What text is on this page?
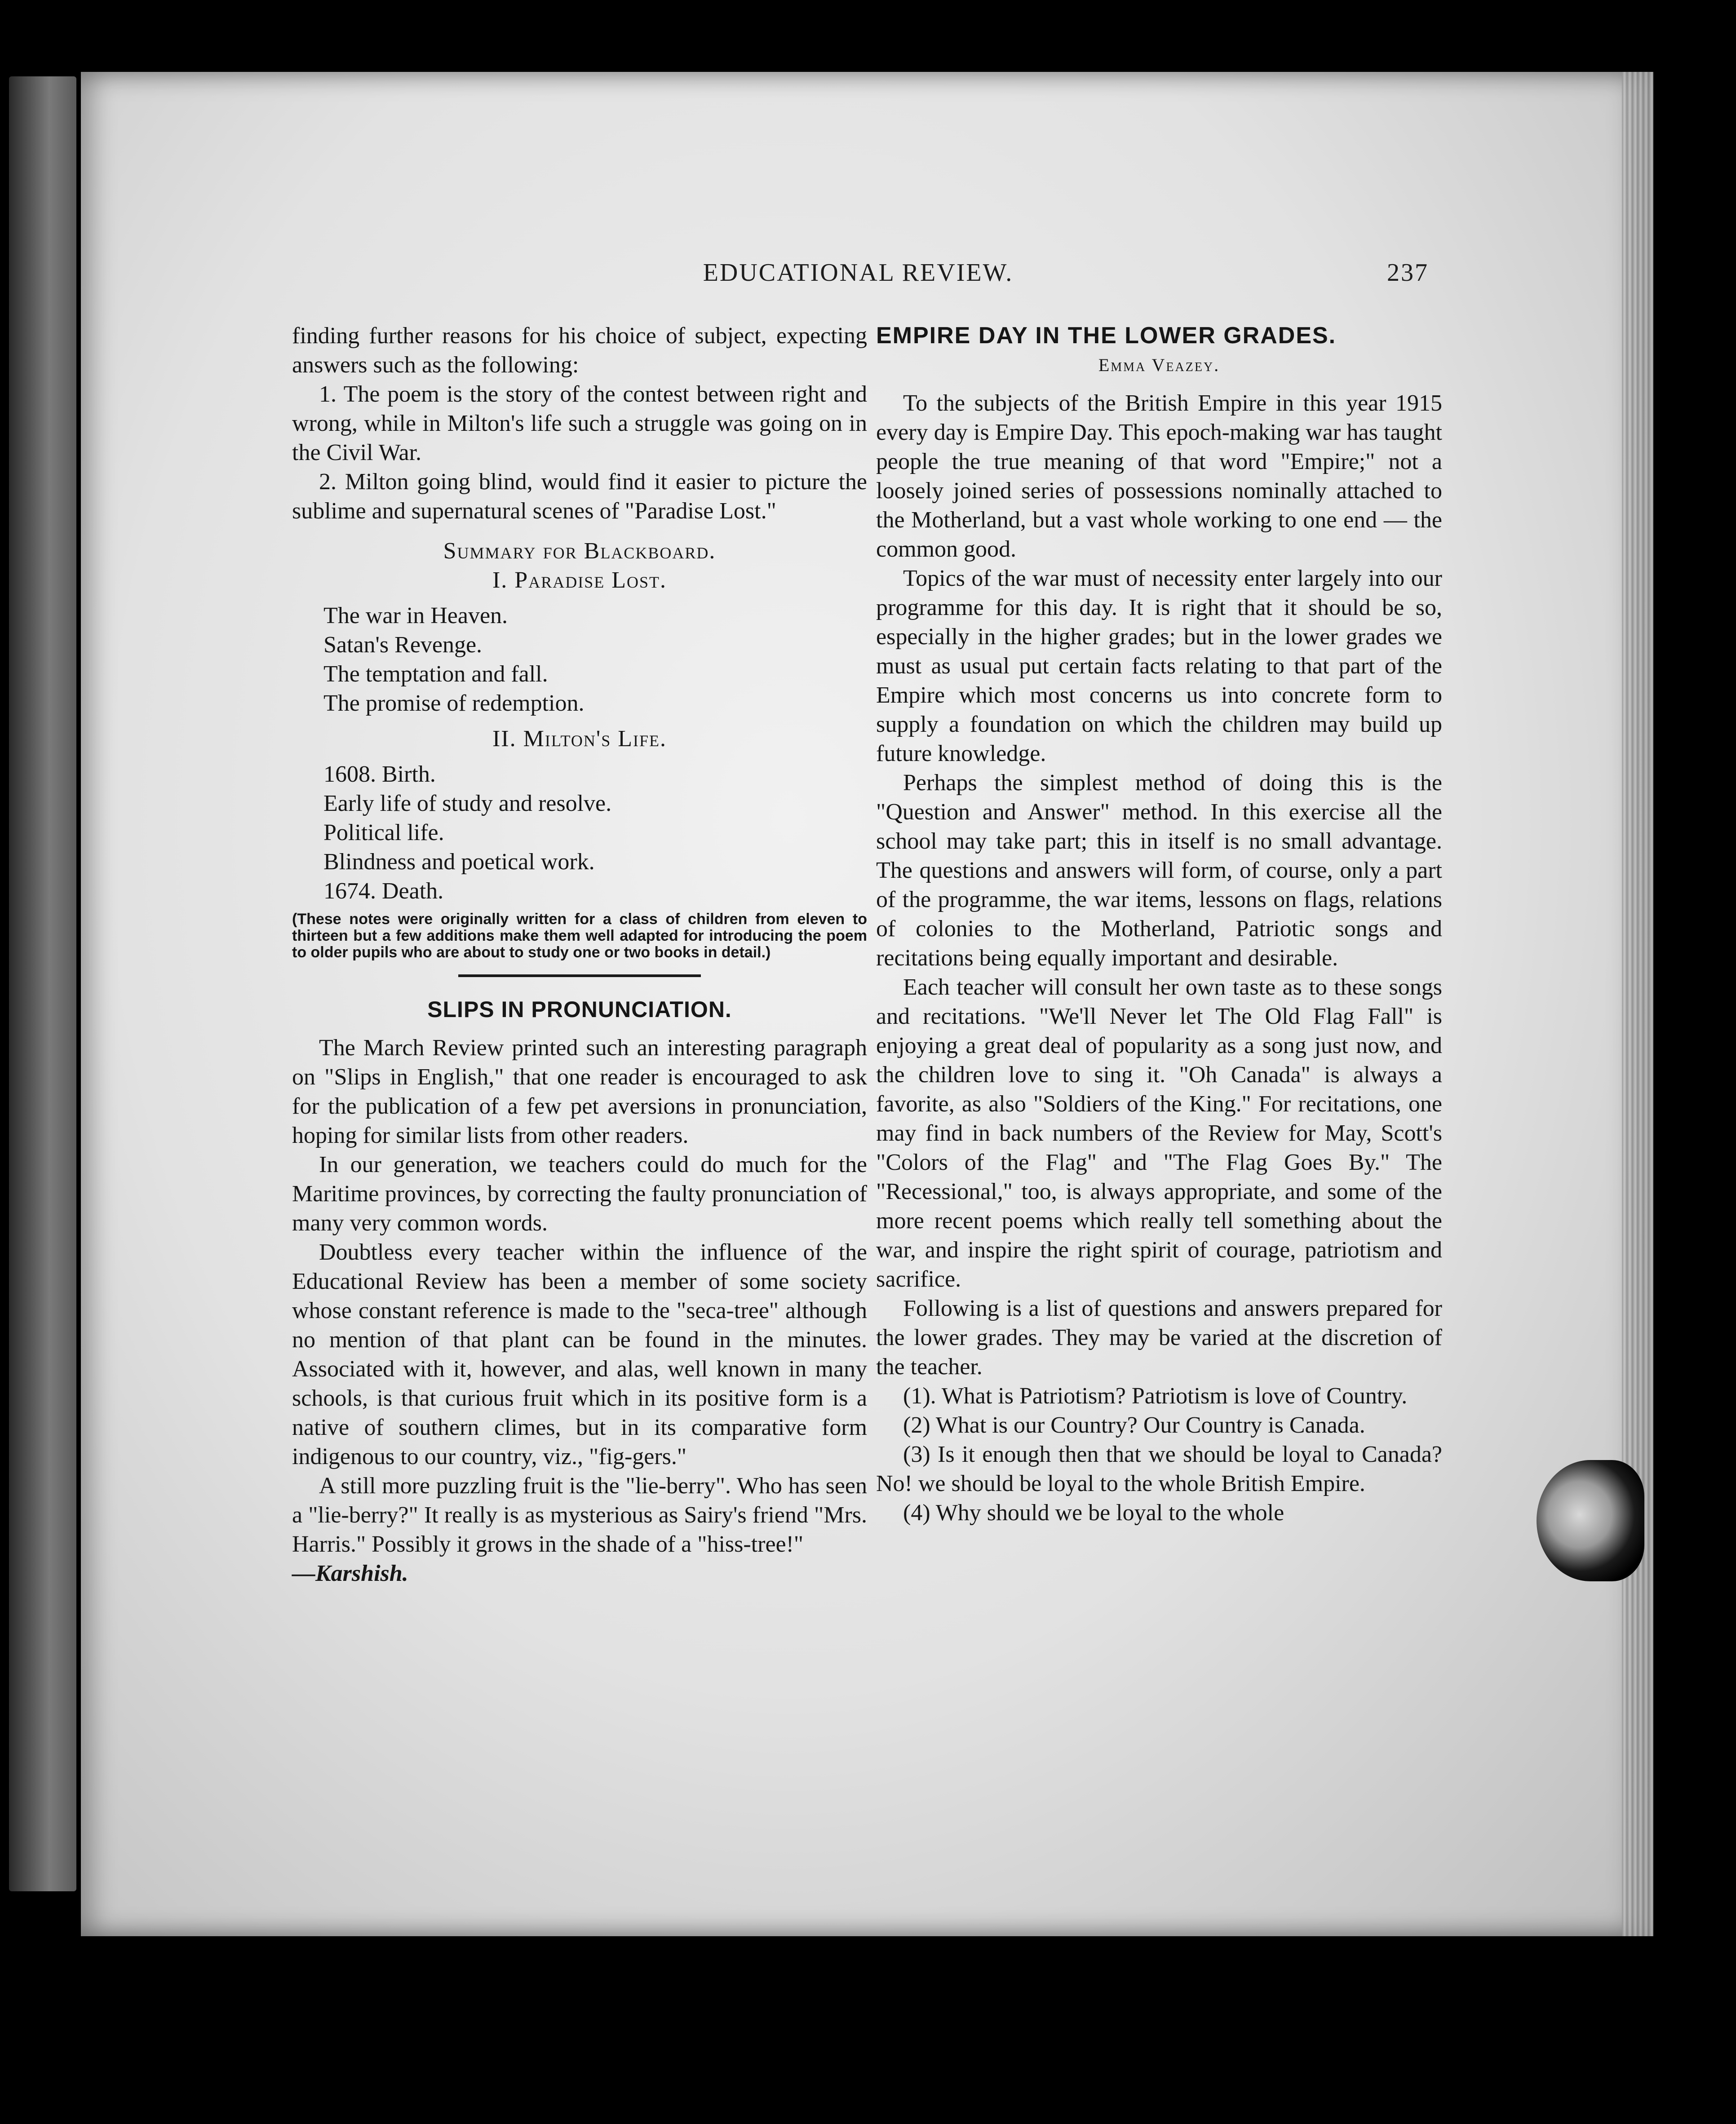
EDUCATIONAL REVIEW.	237

finding further reasons for his choice of subject, expecting answers such as the following:

1. The poem is the story of the contest between right and wrong, while in Milton's life such a struggle was going on in the Civil War.

2. Milton going blind, would find it easier to picture the sublime and supernatural scenes of "Paradise Lost."

Summary for Blackboard.

I. Paradise Lost.

The war in Heaven.

Satan's Revenge.

The temptation and fall.

The promise of redemption.

II. Milton's Life.

1608. Birth.

Early life of study and resolve.

Political life.

Blindness and poetical work.

1674. Death.

(These notes were originally written for a class of children from eleven to thirteen but a few additions make them well adapted for introducing the poem to older pupils who are about to study one or two books in detail.)

SLIPS IN PRONUNCIATION.

The March Review printed such an interesting paragraph on "Slips in English," that one reader is encouraged to ask for the publication of a few pet aversions in pronunciation, hoping for similar lists from other readers.

In our generation, we teachers could do much for the Maritime provinces, by correcting the faulty pronunciation of many very common words.

Doubtless every teacher within the influence of the Educational Review has been a member of some society whose constant reference is made to the "seca-tree" although no mention of that plant can be found in the minutes. Associated with it, however, and alas, well known in many schools, is that curious fruit which in its positive form is a native of southern climes, but in its comparative form indigenous to our country, viz., "fig-gers."

A still more puzzling fruit is the "lie-berry". Who has seen a "lie-berry?" It really is as mysterious as Sairy's friend "Mrs. Harris." Possibly it grows in the shade of a "hiss-tree!"

—Karshish.

EMPIRE DAY IN THE LOWER GRADES.

Emma Veazey.

To the subjects of the British Empire in this year 1915 every day is Empire Day. This epoch-making war has taught people the true meaning of that word "Empire;" not a loosely joined series of possessions nominally attached to the Motherland, but a vast whole working to one end — the common good.

Topics of the war must of necessity enter largely into our programme for this day. It is right that it should be so, especially in the higher grades; but in the lower grades we must as usual put certain facts relating to that part of the Empire which most concerns us into concrete form to supply a foundation on which the children may build up future knowledge.

Perhaps the simplest method of doing this is the "Question and Answer" method. In this exercise all the school may take part; this in itself is no small advantage. The questions and answers will form, of course, only a part of the programme, the war items, lessons on flags, relations of colonies to the Motherland, Patriotic songs and recitations being equally important and desirable.

Each teacher will consult her own taste as to these songs and recitations. "We'll Never let The Old Flag Fall" is enjoying a great deal of popularity as a song just now, and the children love to sing it. "Oh Canada" is always a favorite, as also "Soldiers of the King." For recitations, one may find in back numbers of the Review for May, Scott's "Colors of the Flag" and "The Flag Goes By." The "Recessional," too, is always appropriate, and some of the more recent poems which really tell something about the war, and inspire the right spirit of courage, patriotism and sacrifice.

Following is a list of questions and answers prepared for the lower grades. They may be varied at the discretion of the teacher.

(1). What is Patriotism? Patriotism is love of Country.

(2) What is our Country? Our Country is Canada.

(3) Is it enough then that we should be loyal to Canada? No! we should be loyal to the whole British Empire.

(4) Why should we be loyal to the whole
